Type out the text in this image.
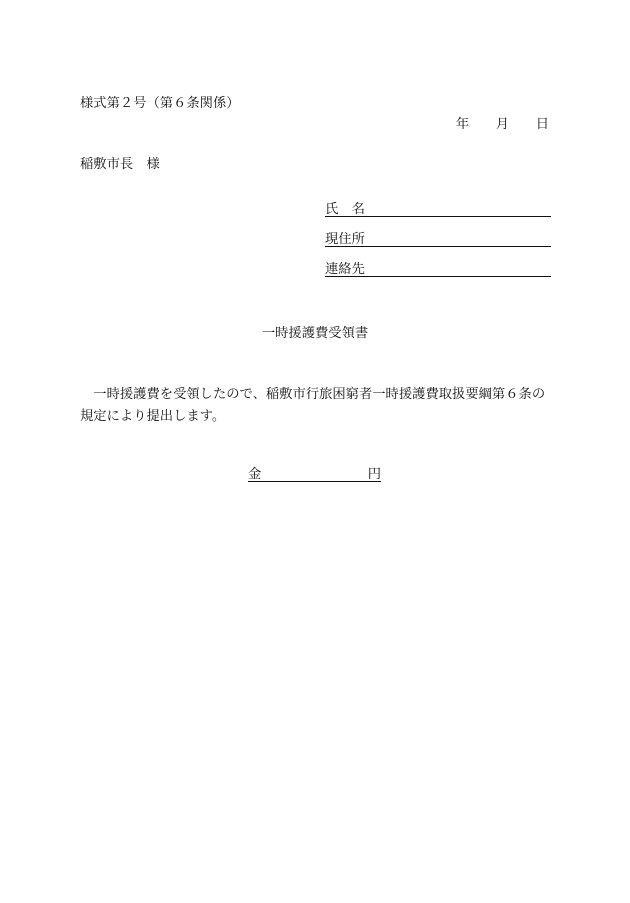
様式第２号（第６条関係）
年　　月　　日
稲敷市長　様
氏　名
現住所
連絡先
一時援護費受領書
　一時援護費を受領したので、稲敷市行旅困窮者一時援護費取扱要綱第６条の
規定により提出します。
金	円
